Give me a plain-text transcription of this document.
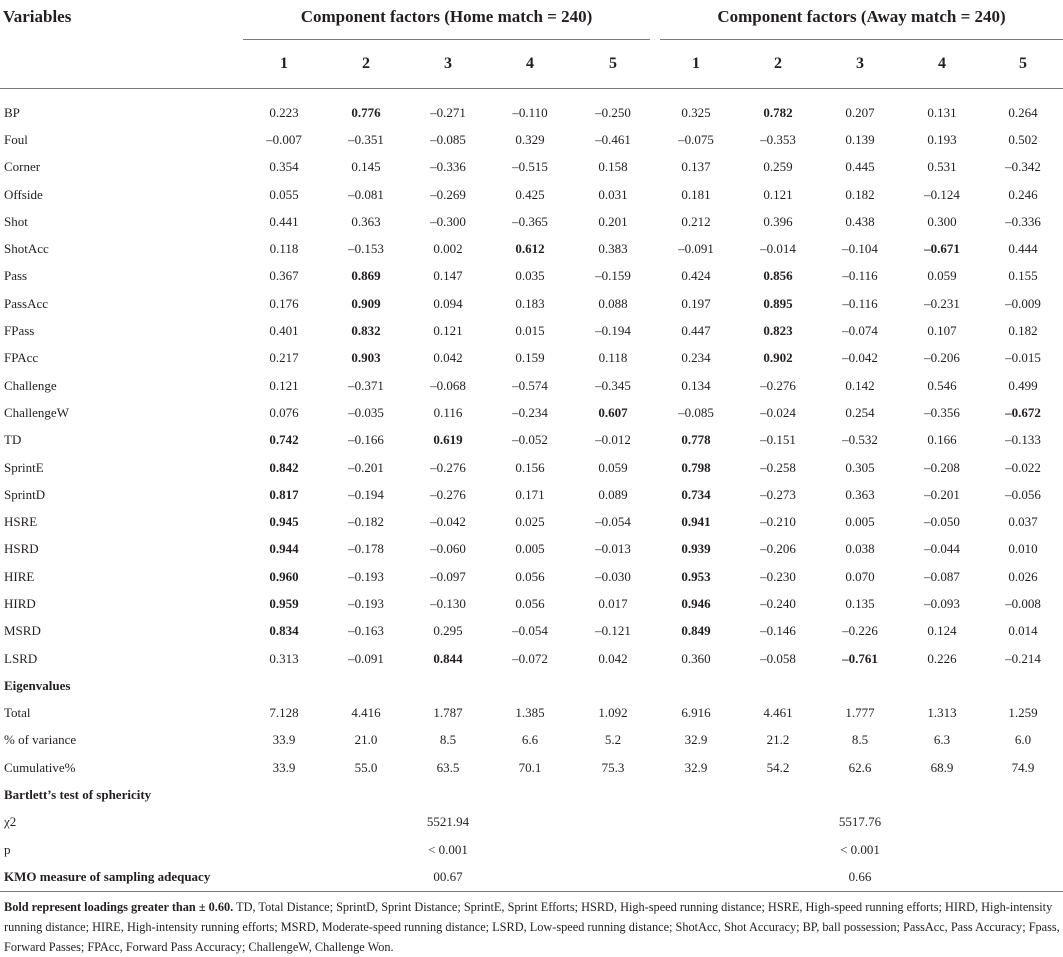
Variables	Component factors (Home match = 240)					Component factors (Away match = 240)				
	1	2	3	4	5	1	2	3	4	5
BP	0.223	0.776	–0.271	–0.110	–0.250	0.325	0.782	0.207	0.131	0.264
Foul	–0.007	–0.351	–0.085	0.329	–0.461	–0.075	–0.353	0.139	0.193	0.502
Corner	0.354	0.145	–0.336	–0.515	0.158	0.137	0.259	0.445	0.531	–0.342
Offside	0.055	–0.081	–0.269	0.425	0.031	0.181	0.121	0.182	–0.124	0.246
Shot	0.441	0.363	–0.300	–0.365	0.201	0.212	0.396	0.438	0.300	–0.336
ShotAcc	0.118	–0.153	0.002	0.612	0.383	–0.091	–0.014	–0.104	–0.671	0.444
Pass	0.367	0.869	0.147	0.035	–0.159	0.424	0.856	–0.116	0.059	0.155
PassAcc	0.176	0.909	0.094	0.183	0.088	0.197	0.895	–0.116	–0.231	–0.009
FPass	0.401	0.832	0.121	0.015	–0.194	0.447	0.823	–0.074	0.107	0.182
FPAcc	0.217	0.903	0.042	0.159	0.118	0.234	0.902	–0.042	–0.206	–0.015
Challenge	0.121	–0.371	–0.068	–0.574	–0.345	0.134	–0.276	0.142	0.546	0.499
ChallengeW	0.076	–0.035	0.116	–0.234	0.607	–0.085	–0.024	0.254	–0.356	–0.672
TD	0.742	–0.166	0.619	–0.052	–0.012	0.778	–0.151	–0.532	0.166	–0.133
SprintE	0.842	–0.201	–0.276	0.156	0.059	0.798	–0.258	0.305	–0.208	–0.022
SprintD	0.817	–0.194	–0.276	0.171	0.089	0.734	–0.273	0.363	–0.201	–0.056
HSRE	0.945	–0.182	–0.042	0.025	–0.054	0.941	–0.210	0.005	–0.050	0.037
HSRD	0.944	–0.178	–0.060	0.005	–0.013	0.939	–0.206	0.038	–0.044	0.010
HIRE	0.960	–0.193	–0.097	0.056	–0.030	0.953	–0.230	0.070	–0.087	0.026
HIRD	0.959	–0.193	–0.130	0.056	0.017	0.946	–0.240	0.135	–0.093	–0.008
MSRD	0.834	–0.163	0.295	–0.054	–0.121	0.849	–0.146	–0.226	0.124	0.014
LSRD	0.313	–0.091	0.844	–0.072	0.042	0.360	–0.058	–0.761	0.226	–0.214
Eigenvalues										
Total	7.128	4.416	1.787	1.385	1.092	6.916	4.461	1.777	1.313	1.259
% of variance	33.9	21.0	8.5	6.6	5.2	32.9	21.2	8.5	6.3	6.0
Cumulative%	33.9	55.0	63.5	70.1	75.3	32.9	54.2	62.6	68.9	74.9
Bartlett’s test of sphericity										
χ2			5521.94					5517.76		
p			< 0.001					< 0.001		
KMO measure of sampling adequacy			00.67					0.66		
Bold represent loadings greater than ± 0.60. TD, Total Distance; SprintD, Sprint Distance; SprintE, Sprint Efforts; HSRD, High-speed running distance; HSRE, High-speed running efforts; HIRD, High-intensity running distance; HIRE, High-intensity running efforts; MSRD, Moderate-speed running distance; LSRD, Low-speed running distance; ShotAcc, Shot Accuracy; BP, ball possession; PassAcc, Pass Accuracy; Fpass, Forward Passes; FPAcc, Forward Pass Accuracy; ChallengeW, Challenge Won.
